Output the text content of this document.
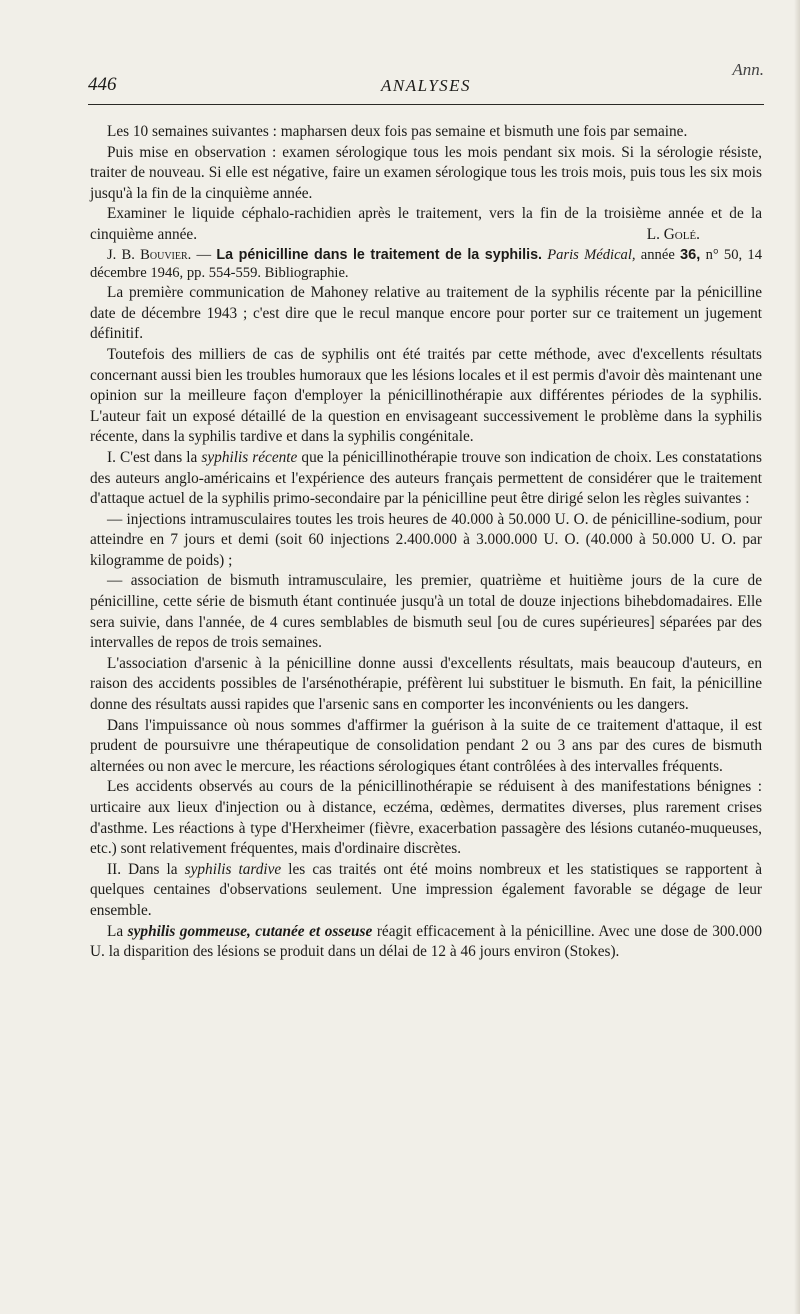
446	ANALYSES
Ann.

Les 10 semaines suivantes : mapharsen deux fois pas semaine et bismuth une fois par semaine.

Puis mise en observation : examen sérologique tous les mois pendant six mois. Si la sérologie résiste, traiter de nouveau. Si elle est négative, faire un examen sérologique tous les trois mois, puis tous les six mois jusqu'à la fin de la cinquième année.

Examiner le liquide céphalo-rachidien après le traitement, vers la fin de la troisième année et de la cinquième année.	L. Golé.

J. B. Bouvier. — La pénicilline dans le traitement de la syphilis. Paris Médical, année 36, n° 50, 14 décembre 1946, pp. 554-559. Bibliographie.

La première communication de Mahoney relative au traitement de la syphilis récente par la pénicilline date de décembre 1943 ; c'est dire que le recul manque encore pour porter sur ce traitement un jugement définitif.

Toutefois des milliers de cas de syphilis ont été traités par cette méthode, avec d'excellents résultats concernant aussi bien les troubles humoraux que les lésions locales et il est permis d'avoir dès maintenant une opinion sur la meilleure façon d'employer la pénicillinothérapie aux différentes périodes de la syphilis. L'auteur fait un exposé détaillé de la question en envisageant successivement le problème dans la syphilis récente, dans la syphilis tardive et dans la syphilis congénitale.

I. C'est dans la syphilis récente que la pénicillinothérapie trouve son indication de choix. Les constatations des auteurs anglo-américains et l'expérience des auteurs français permettent de considérer que le traitement d'attaque actuel de la syphilis primo-secondaire par la pénicilline peut être dirigé selon les règles suivantes :

— injections intramusculaires toutes les trois heures de 40.000 à 50.000 U. O. de pénicilline-sodium, pour atteindre en 7 jours et demi (soit 60 injections 2.400.000 à 3.000.000 U. O. (40.000 à 50.000 U. O. par kilogramme de poids) ;

— association de bismuth intramusculaire, les premier, quatrième et huitième jours de la cure de pénicilline, cette série de bismuth étant continuée jusqu'à un total de douze injections bihebdomadaires. Elle sera suivie, dans l'année, de 4 cures semblables de bismuth seul [ou de cures supérieures] séparées par des intervalles de repos de trois semaines.

L'association d'arsenic à la pénicilline donne aussi d'excellents résultats, mais beaucoup d'auteurs, en raison des accidents possibles de l'arsénothérapie, préfèrent lui substituer le bismuth. En fait, la pénicilline donne des résultats aussi rapides que l'arsenic sans en comporter les inconvénients ou les dangers.

Dans l'impuissance où nous sommes d'affirmer la guérison à la suite de ce traitement d'attaque, il est prudent de poursuivre une thérapeutique de consolidation pendant 2 ou 3 ans par des cures de bismuth alternées ou non avec le mercure, les réactions sérologiques étant contrôlées à des intervalles fréquents.

Les accidents observés au cours de la pénicillinothérapie se réduisent à des manifestations bénignes : urticaire aux lieux d'injection ou à distance, eczéma, œdèmes, dermatites diverses, plus rarement crises d'asthme. Les réactions à type d'Herxheimer (fièvre, exacerbation passagère des lésions cutanéo-muqueuses, etc.) sont relativement fréquentes, mais d'ordinaire discrètes.

II. Dans la syphilis tardive les cas traités ont été moins nombreux et les statistiques se rapportent à quelques centaines d'observations seulement. Une impression également favorable se dégage de leur ensemble.

La syphilis gommeuse, cutanée et osseuse réagit efficacement à la pénicilline. Avec une dose de 300.000 U. la disparition des lésions se produit dans un délai de 12 à 46 jours environ (Stokes).
